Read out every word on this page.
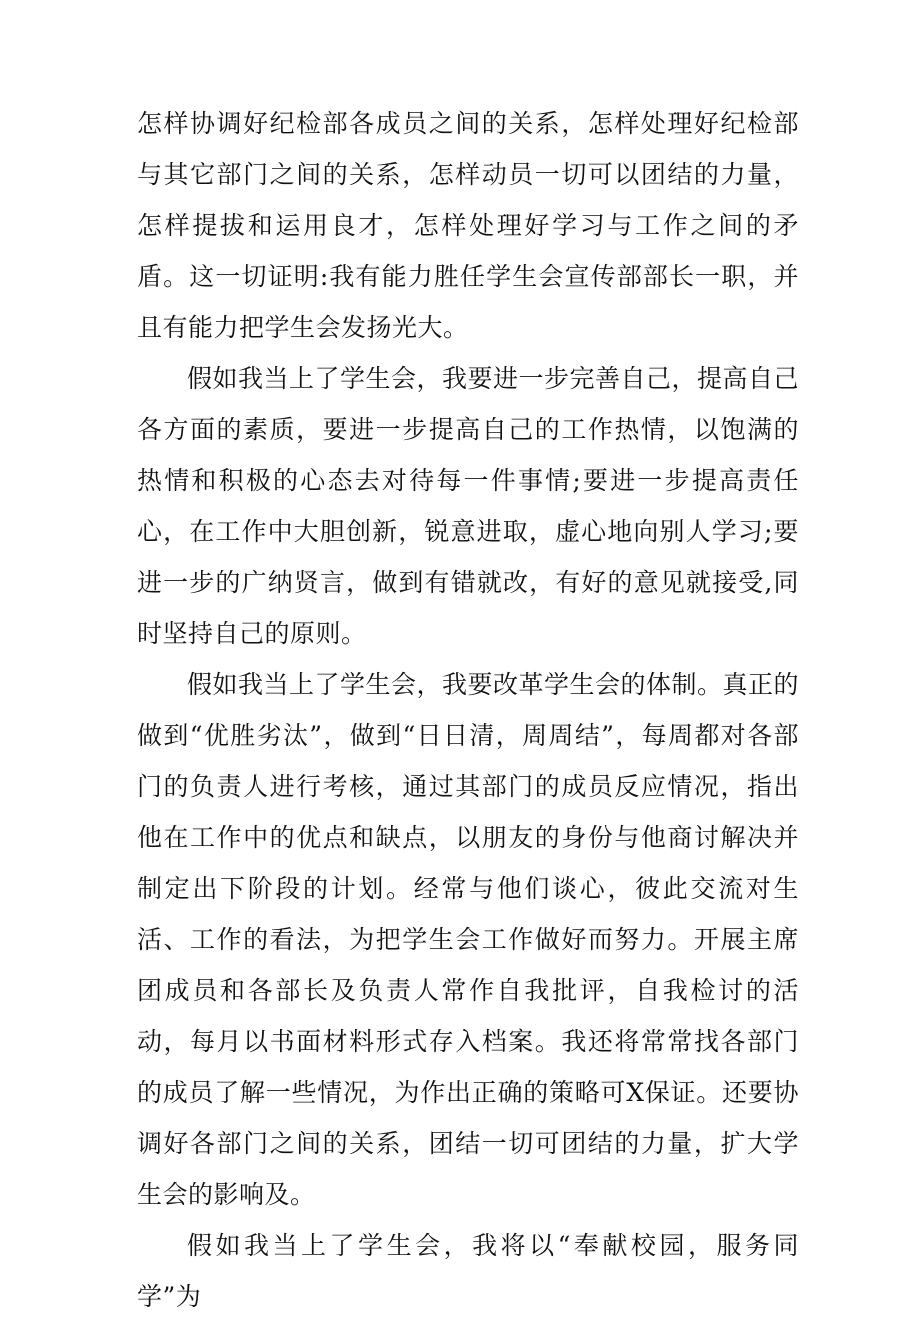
怎样协调好纪检部各成员之间的关系，怎样处理好纪检部与其它部门之间的关系，怎样动员一切可以团结的力量，怎样提拔和运用良才，怎样处理好学习与工作之间的矛盾。这一切证明:我有能力胜任学生会宣传部部长一职，并且有能力把学生会发扬光大。

假如我当上了学生会，我要进一步完善自己，提高自己各方面的素质，要进一步提高自己的工作热情，以饱满的热情和积极的心态去对待每一件事情;要进一步提高责任心，在工作中大胆创新，锐意进取，虚心地向别人学习;要进一步的广纳贤言，做到有错就改，有好的意见就接受,同时坚持自己的原则。

假如我当上了学生会，我要改革学生会的体制。真正的做到“优胜劣汰”，做到“日日清，周周结”，每周都对各部门的负责人进行考核，通过其部门的成员反应情况，指出他在工作中的优点和缺点，以朋友的身份与他商讨解决并制定出下阶段的计划。经常与他们谈心，彼此交流对生活、工作的看法，为把学生会工作做好而努力。开展主席团成员和各部长及负责人常作自我批评，自我检讨的活动，每月以书面材料形式存入档案。我还将常常找各部门的成员了解一些情况，为作出正确的策略可X保证。还要协调好各部门之间的关系，团结一切可团结的力量，扩大学生会的影响及。

假如我当上了学生会，我将以“奉献校园，服务同学”为
